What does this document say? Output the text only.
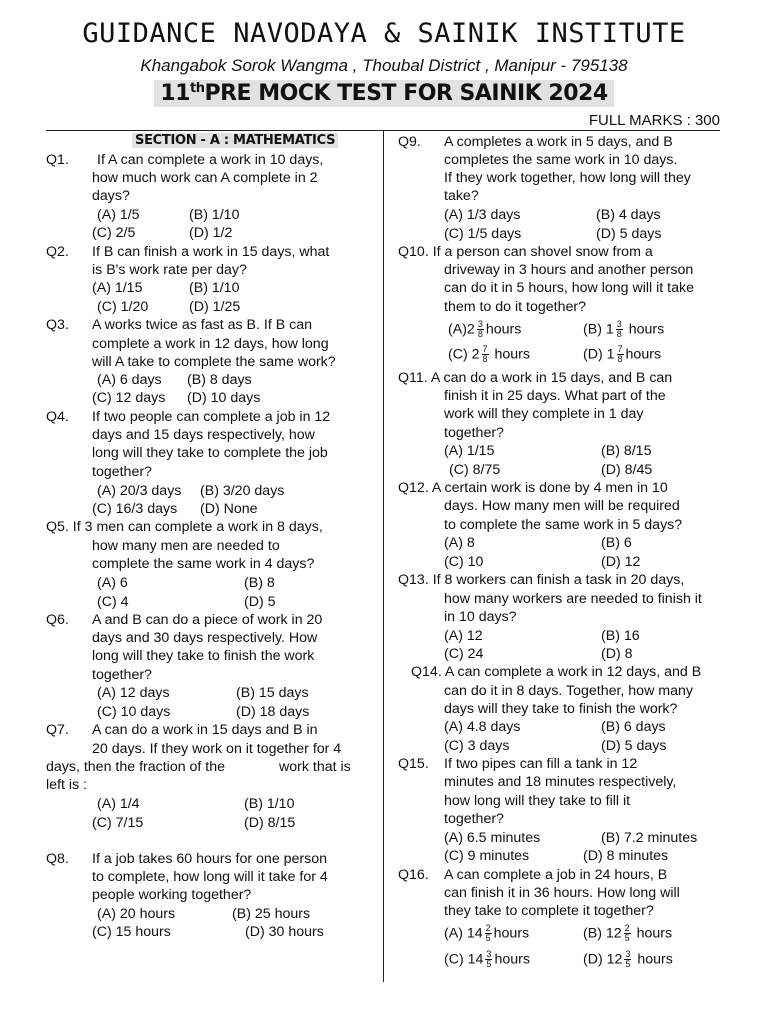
GUIDANCE NAVODAYA & SAINIK INSTITUTE
Khangabok Sorok Wangma , Thoubal District , Manipur - 795138
11thPRE MOCK TEST FOR SAINIK 2024
FULL MARKS : 300
SECTION - A : MATHEMATICS
Q1. If A can complete a work in 10 days,
how much work can A complete in 2
days?
(A) 1/5	(B) 1/10
(C) 2/5	(D) 1/2
Q2. If B can finish a work in 15 days, what
is B's work rate per day?
(A) 1/15	(B) 1/10
(C) 1/20	(D) 1/25
Q3. A works twice as fast as B. If B can
complete a work in 12 days, how long
will A take to complete the same work?
(A) 6 days (B) 8 days
(C) 12 days (D) 10 days
Q4. If two people can complete a job in 12
days and 15 days respectively, how
long will they take to complete the job
together?
(A) 20/3 days (B) 3/20 days
(C) 16/3 days (D) None
Q5. If 3 men can complete a work in 8 days,
how many men are needed to
complete the same work in 4 days?
(A) 6	(B) 8
(C) 4	(D) 5
Q6. A and B can do a piece of work in 20
days and 30 days respectively. How
long will they take to finish the work
together?
(A) 12 days	(B) 15 days
(C) 10 days	(D) 18 days
Q7. A can do a work in 15 days and B in
20 days. If they work on it together for 4
days, then the fraction of the	work that is
left is :
(A) 1/4	(B) 1/10
(C) 7/15	(D) 8/15
Q8. If a job takes 60 hours for one person
to complete, how long will it take for 4
people working together?
(A) 20 hours	(B) 25 hours
(C) 15 hours	(D) 30 hours
Q9. A completes a work in 5 days, and B
completes the same work in 10 days.
If they work together, how long will they
take?
(A) 1/3 days	(B) 4 days
(C) 1/5 days	(D) 5 days
Q10. If a person can shovel snow from a
driveway in 3 hours and another person
can do it in 5 hours, how long will it take
them to do it together?
$(A)2 \frac{3}{8}$ hours	(B) $1 \frac{3}{8}$ hours
(C) $2 \frac{7}{8}$ hours	(D) $1 \frac{7}{8}$ hours
Q11. A can do a work in 15 days, and B can
finish it in 25 days. What part of the
work will they complete in 1 day
together?
(A) 1/15	(B) 8/15
(C) 8/75	(D) 8/45
Q12. A certain work is done by 4 men in 10
days. How many men will be required
to complete the same work in 5 days?
(A) 8	(B) 6
(C) 10	(D) 12
Q13. If 8 workers can finish a task in 20 days,
how many workers are needed to finish it
in 10 days?
(A) 12	(B) 16
(C) 24	(D) 8
Q14. A can complete a work in 12 days, and B
can do it in 8 days. Together, how many
days will they take to finish the work?
(A) 4.8 days	(B) 6 days
(C) 3 days	(D) 5 days
Q15. If two pipes can fill a tank in 12
minutes and 18 minutes respectively,
how long will they take to fill it
together?
(A) 6.5 minutes	(B) 7.2 minutes
(C) 9 minutes	(D) 8 minutes
Q16. A can complete a job in 24 hours, B
can finish it in 36 hours. How long will
they take to complete it together?
(A) $14 \frac{2}{5}$ hours	(B) $12 \frac{2}{5}$ hours
(C) $14 \frac{3}{5}$ hours	(D) $12 \frac{3}{5}$ hours
